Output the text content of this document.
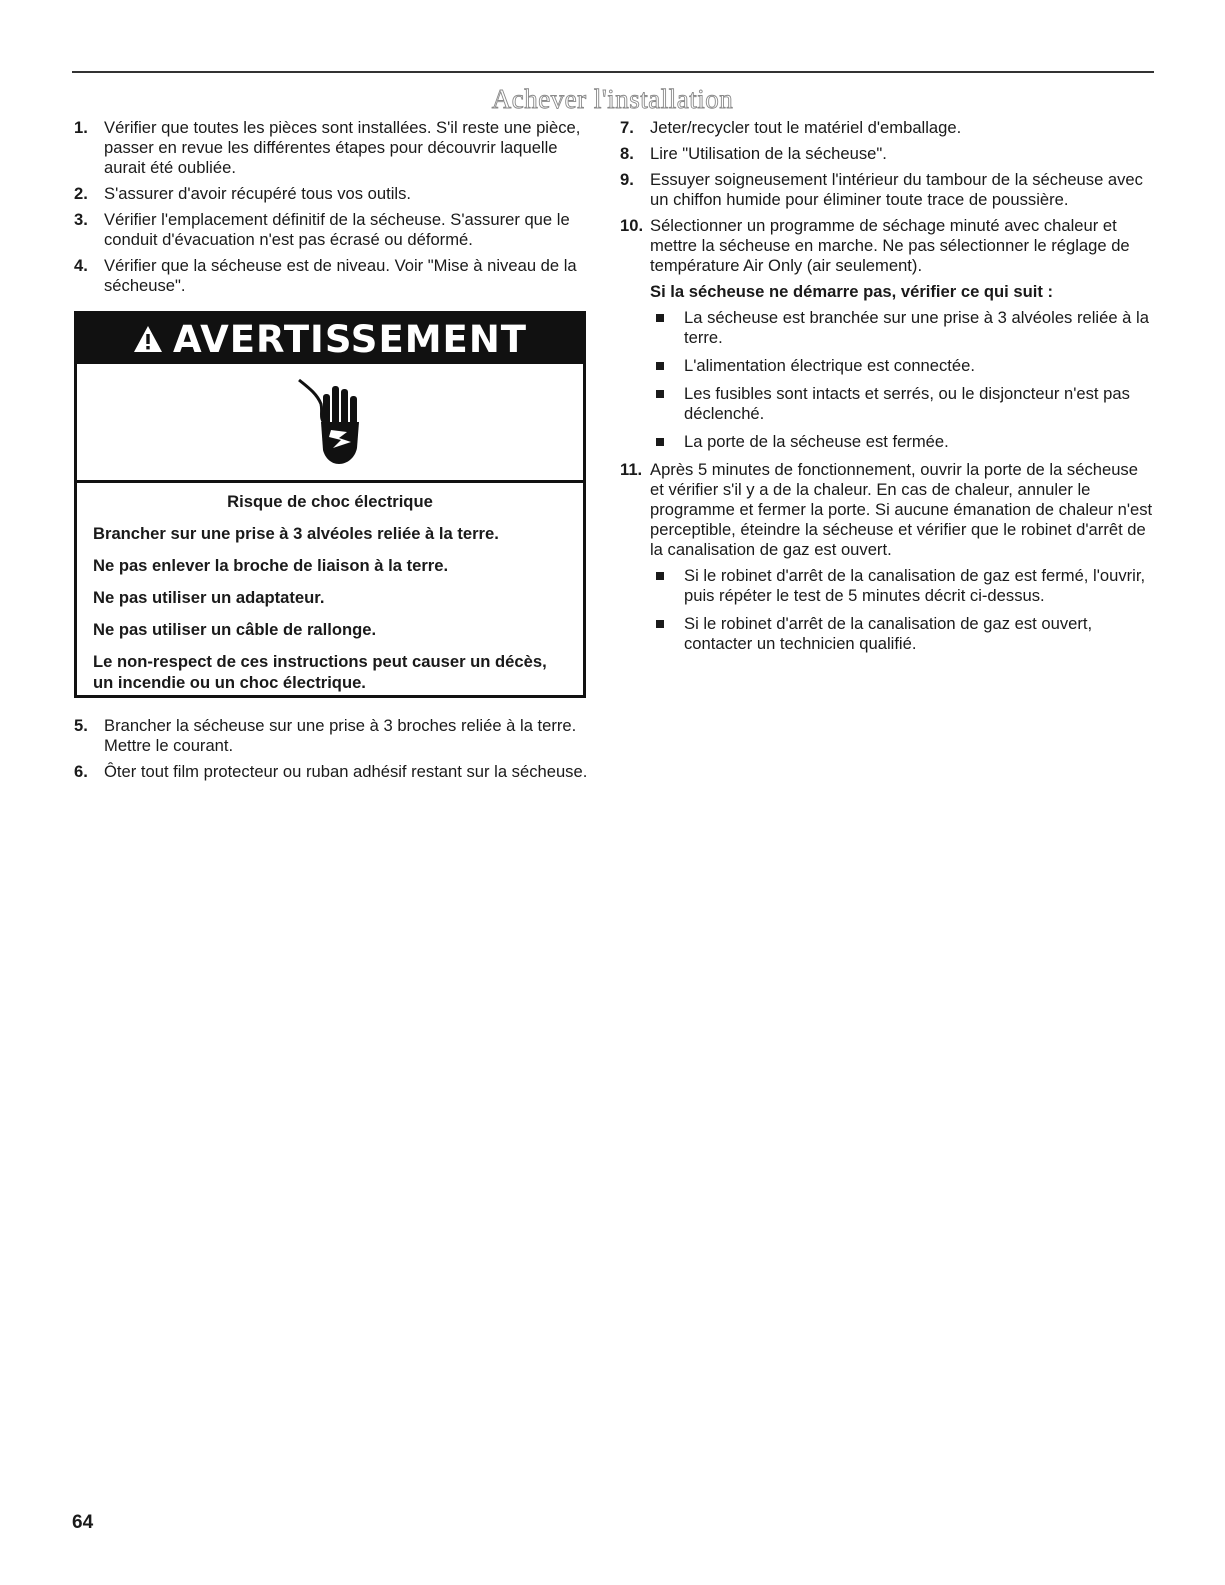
Achever l'installation
1. Vérifier que toutes les pièces sont installées. S'il reste une pièce, passer en revue les différentes étapes pour découvrir laquelle aurait été oubliée.
2. S'assurer d'avoir récupéré tous vos outils.
3. Vérifier l'emplacement définitif de la sécheuse. S'assurer que le conduit d'évacuation n'est pas écrasé ou déformé.
4. Vérifier que la sécheuse est de niveau. Voir "Mise à niveau de la sécheuse".
AVERTISSEMENT
Risque de choc électrique

Brancher sur une prise à 3 alvéoles reliée à la terre.

Ne pas enlever la broche de liaison à la terre.

Ne pas utiliser un adaptateur.

Ne pas utiliser un câble de rallonge.

Le non-respect de ces instructions peut causer un décès, un incendie ou un choc électrique.

5. Brancher la sécheuse sur une prise à 3 broches reliée à la terre. Mettre le courant.
6. Ôter tout film protecteur ou ruban adhésif restant sur la sécheuse.
7. Jeter/recycler tout le matériel d'emballage.
8. Lire "Utilisation de la sécheuse".
9. Essuyer soigneusement l'intérieur du tambour de la sécheuse avec un chiffon humide pour éliminer toute trace de poussière.
10. Sélectionner un programme de séchage minuté avec chaleur et mettre la sécheuse en marche. Ne pas sélectionner le réglage de température Air Only (air seulement).
Si la sécheuse ne démarre pas, vérifier ce qui suit :
La sécheuse est branchée sur une prise à 3 alvéoles reliée à la terre.
L'alimentation électrique est connectée.
Les fusibles sont intacts et serrés, ou le disjoncteur n'est pas déclenché.
La porte de la sécheuse est fermée.
11. Après 5 minutes de fonctionnement, ouvrir la porte de la sécheuse et vérifier s'il y a de la chaleur. En cas de chaleur, annuler le programme et fermer la porte. Si aucune émanation de chaleur n'est perceptible, éteindre la sécheuse et vérifier que le robinet d'arrêt de la canalisation de gaz est ouvert.
Si le robinet d'arrêt de la canalisation de gaz est fermé, l'ouvrir, puis répéter le test de 5 minutes décrit ci-dessus.
Si le robinet d'arrêt de la canalisation de gaz est ouvert, contacter un technicien qualifié.
64
